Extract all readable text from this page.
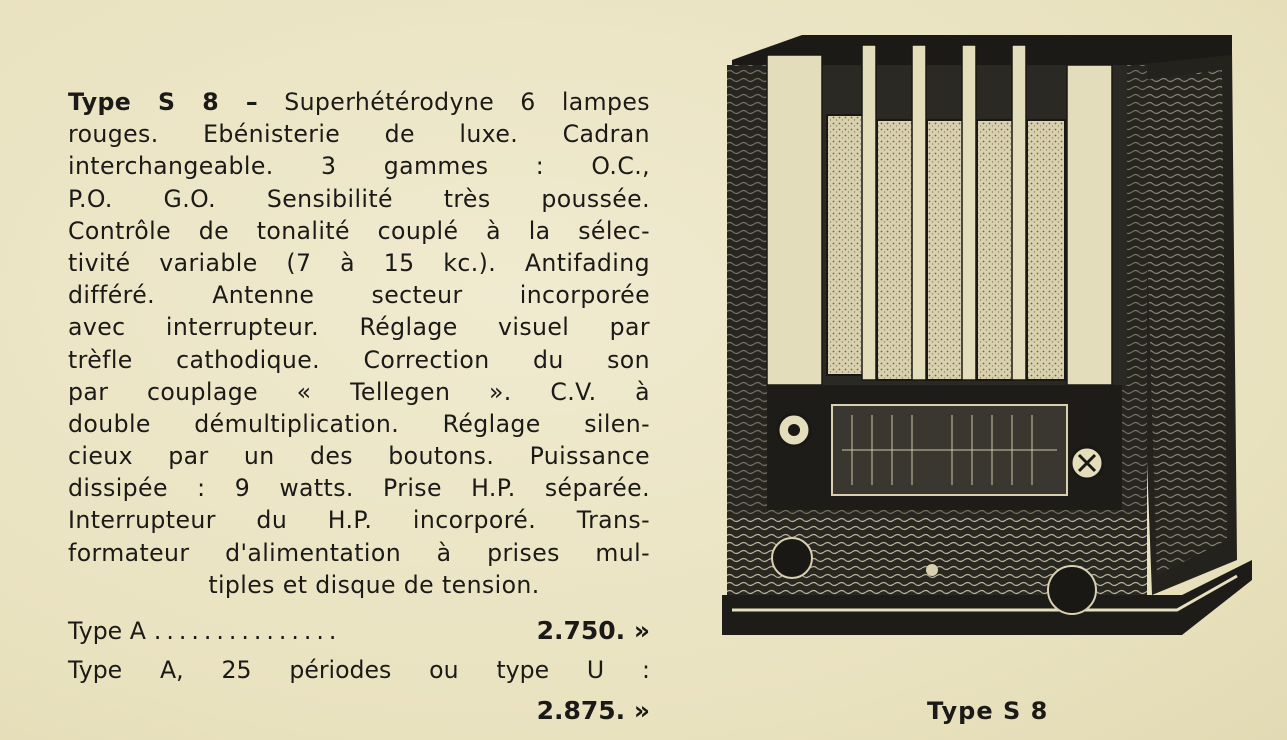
Type S 8 – Superhétérodyne 6 lampes
rouges. Ebénisterie de luxe. Cadran
interchangeable. 3 gammes : O.C.,
P.O. G.O. Sensibilité très poussée.
Contrôle de tonalité couplé à la sélec-
tivité variable (7 à 15 kc.). Antifading
différé. Antenne secteur incorporée
avec interrupteur. Réglage visuel par
trèfle cathodique. Correction du son
par couplage « Tellegen ». C.V. à
double démultiplication. Réglage silen-
cieux par un des boutons. Puissance
dissipée : 9 watts. Prise H.P. séparée.
Interrupteur du H.P. incorporé. Trans-
formateur d'alimentation à prises mul-
tiples et disque de tension.
Type A ...............	2.750. »
Type A, 25 périodes ou type U :
2.875. »	Type S 8
